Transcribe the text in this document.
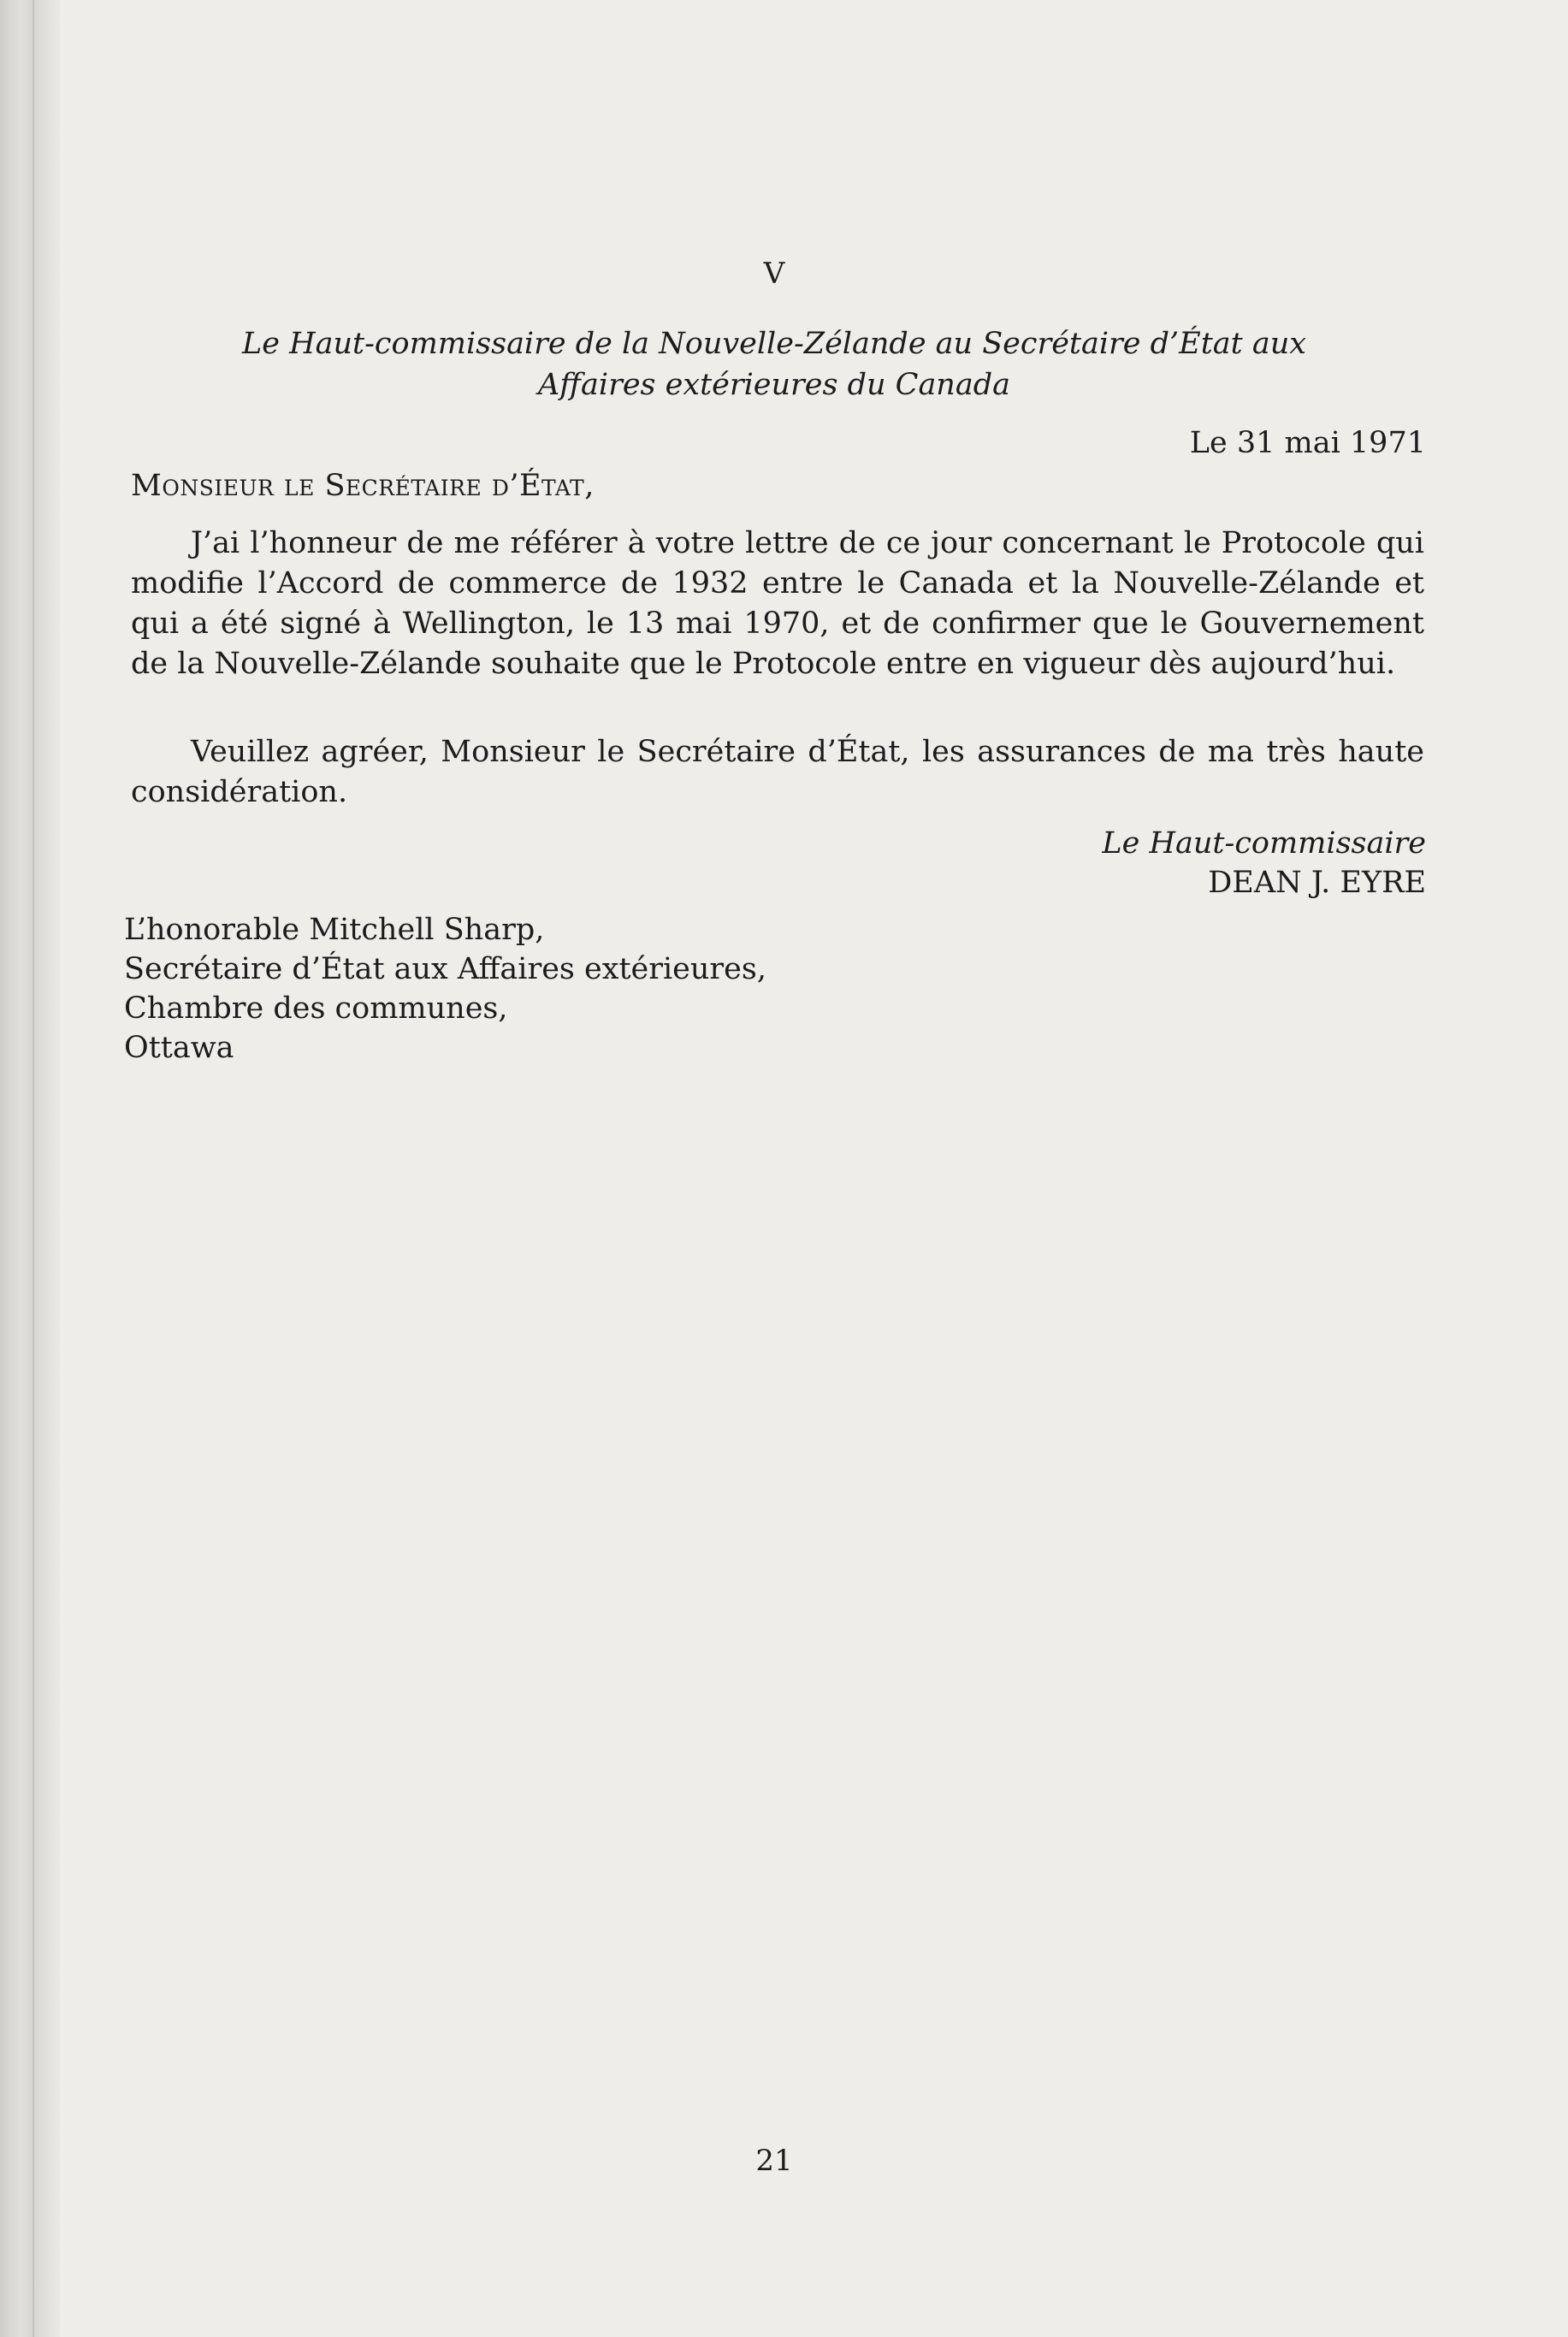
V
Le Haut-commissaire de la Nouvelle-Zélande au Secrétaire d’État aux
Affaires extérieures du Canada
Le 31 mai 1971
Monsieur le Secrétaire d’État,

J’ai l’honneur de me référer à votre lettre de ce jour concernant le Protocole qui modifie l’Accord de commerce de 1932 entre le Canada et la Nouvelle-Zélande et qui a été signé à Wellington, le 13 mai 1970, et de confirmer que le Gouvernement de la Nouvelle-Zélande souhaite que le Protocole entre en vigueur dès aujourd’hui.

Veuillez agréer, Monsieur le Secrétaire d’État, les assurances de ma très haute considération.

Le Haut-commissaire
DEAN J. EYRE
L’honorable Mitchell Sharp,
Secrétaire d’État aux Affaires extérieures,
Chambre des communes,
Ottawa
21
